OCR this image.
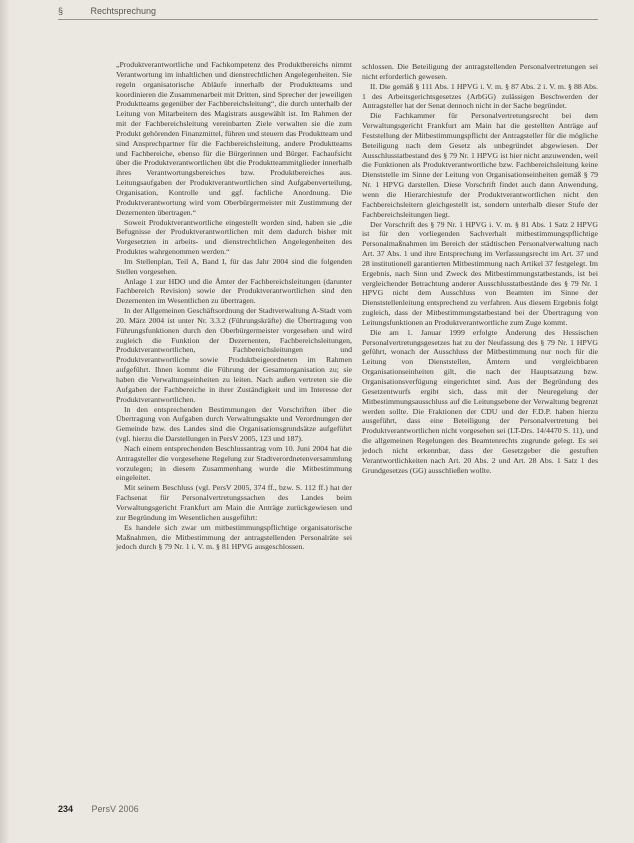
§	Rechtsprechung

„Produktverantwortliche und Fachkompetenz des Produktbereichs nimmt Verantwortung im inhaltlichen und dienstrechtlichen Angelegenheiten. Sie regeln organisatorische Abläufe innerhalb der Produktteams und koordinieren die Zusammenarbeit mit Dritten, sind Sprecher der jeweiligen Produktteams gegenüber der Fachbereichsleitung“, die durch unterhalb der Leitung von Mitarbeitern des Magistrats ausgewählt ist. Im Rahmen der mit der Fachbereichsleitung vereinbarten Ziele verwalten sie die zum Produkt gehörenden Finanzmittel, führen und steuern das Produktteam und sind Ansprechpartner für die Fachbereichsleitung, andere Produktteams und Fachbereiche, ebenso für die Bürgerinnen und Bürger. Fachaufsicht über die Produktverantwortlichen übt die Produktteammitglieder innerhalb ihres Verantwortungsbereiches bzw. Produktbereiches aus. Leitungsaufgaben der Produktverantwortlichen sind Aufgabenverteilung, Organisation, Kontrolle und ggf. fachliche Anordnung. Die Produktverantwortung wird vom Oberbürgermeister mit Zustimmung der Dezernenten übertragen.“

Soweit Produktverantwortliche eingestellt worden sind, haben sie „die Befugnisse der Produktverantwortlichen mit dem dadurch bisher mit Vorgesetzten in arbeits- und dienstrechtlichen Angelegenheiten des Produktes wahrgenommen werden.“

Im Stellenplan, Teil A, Band I, für das Jahr 2004 sind die folgenden Stellen vorgesehen.

Anlage 1 zur HDO und die Ämter der Fachbereichsleitungen (darunter Fachbereich Revision) sowie der Produktverantwortlichen sind den Dezernenten im Wesentlichen zu übertragen.

In der Allgemeinen Geschäftsordnung der Stadtverwaltung A-Stadt vom 20. März 2004 ist unter Nr. 3.3.2 (Führungskräfte) die Übertragung von Führungsfunktionen durch den Oberbürgermeister vorgesehen und wird zugleich die Funktion der Dezernenten, Fachbereichsleitungen, Produktverantwortlichen, Fachbereichsleitungen und Produktverantwortliche sowie Produktbeigeordneten im Rahmen aufgeführt. Ihnen kommt die Führung der Gesamtorganisation zu; sie haben die Verwaltungseinheiten zu leiten. Nach außen vertreten sie die Aufgaben der Fachbereiche in ihrer Zuständigkeit und im Interesse der Produktverantwortlichen.

In den entsprechenden Bestimmungen der Vorschriften über die Übertragung von Aufgaben durch Verwaltungsakte und Verordnungen der Gemeinde bzw. des Landes sind die Organisationsgrundsätze aufgeführt (vgl. hierzu die Darstellungen in PersV 2005, 123 und 187).

Nach einem entsprechenden Beschlussantrag vom 10. Juni 2004 hat die Antragsteller die vorgesehene Regelung zur Stadtverordnetenversammlung vorzulegen; in diesem Zusammenhang wurde die Mitbestimmung eingeleitet.

Mit seinem Beschluss (vgl. PersV 2005, 374 ff., bzw. S. 112 ff.) hat der Fachsenat für Personalvertretungssachen des Landes beim Verwaltungsgericht Frankfurt am Main die Anträge zurückgewiesen und zur Begründung im Wesentlichen ausgeführt:

Es handele sich zwar um mitbestimmungspflichtige organisatorische Maßnahmen, die Mitbestimmung der antragstellenden Personalräte sei jedoch durch § 79 Nr. 1 i. V. m. § 81 HPVG ausgeschlossen.

schlossen. Die Beteiligung der antragstellenden Personalvertretungen sei nicht erforderlich gewesen.

II. Die gemäß § 111 Abs. 1 HPVG i. V. m. § 87 Abs. 2 i. V. m. § 88 Abs. 1 des Arbeitsgerichtsgesetzes (ArbGG) zulässigen Beschwerden der Antragsteller hat der Senat dennoch nicht in der Sache begründet.

Die Fachkammer für Personalvertretungsrecht bei dem Verwaltungsgericht Frankfurt am Main hat die gestellten Anträge auf Feststellung der Mitbestimmungspflicht der Antragsteller für die mögliche Beteiligung nach dem Gesetz als unbegründet abgewiesen. Der Ausschlusstatbestand des § 79 Nr. 1 HPVG ist hier nicht anzuwenden, weil die Funktionen als Produktverantwortliche bzw. Fachbereichsleitung keine Dienststelle im Sinne der Leitung von Organisationseinheiten gemäß § 79 Nr. 1 HPVG darstellen. Diese Vorschrift findet auch dann Anwendung, wenn die Hierarchiestufe der Produktverantwortlichen nicht den Fachbereichsleitern gleichgestellt ist, sondern unterhalb dieser Stufe der Fachbereichsleitungen liegt.

Der Vorschrift des § 79 Nr. 1 HPVG i. V. m. § 81 Abs. 1 Satz 2 HPVG ist für den vorliegenden Sachverhalt mitbestimmungspflichtige Personalmaßnahmen im Bereich der städtischen Personalverwaltung nach Art. 37 Abs. 1 und ihre Entsprechung im Verfassungsrecht im Art. 37 und 28 institutionell garantierten Mitbestimmung nach Artikel 37 festgelegt. Im Ergebnis, nach Sinn und Zweck des Mitbestimmungstatbestands, ist bei vergleichender Betrachtung anderer Ausschlusstatbestände des § 79 Nr. 1 HPVG nicht dem Ausschluss von Beamten im Sinne der Dienststellenleitung entsprechend zu verfahren. Aus diesem Ergebnis folgt zugleich, dass der Mitbestimmungstatbestand bei der Übertragung von Leitungsfunktionen an Produktverantwortliche zum Zuge kommt.

Die am 1. Januar 1999 erfolgte Änderung des Hessischen Personalvertretungsgesetzes hat zu der Neufassung des § 79 Nr. 1 HPVG geführt, wonach der Ausschluss der Mitbestimmung nur noch für die Leitung von Dienststellen, Ämtern und vergleichbaren Organisationseinheiten gilt, die nach der Hauptsatzung bzw. Organisationsverfügung eingerichtet sind. Aus der Begründung des Gesetzentwurfs ergibt sich, dass mit der Neuregelung der Mitbestimmungsausschluss auf die Leitungsebene der Verwaltung begrenzt werden sollte. Die Fraktionen der CDU und der F.D.P. haben hierzu ausgeführt, dass eine Beteiligung der Personalvertretung bei Produktverantwortlichen nicht vorgesehen sei (LT-Drs. 14/4470 S. 11), und die allgemeinen Regelungen des Beamtenrechts zugrunde gelegt. Es sei jedoch nicht erkennbar, dass der Gesetzgeber die gestuften Verantwortlichkeiten nach Art. 20 Abs. 2 und Art. 28 Abs. 1 Satz 1 des Grundgesetzes (GG) ausschließen wollte.

234 PersV 2006
